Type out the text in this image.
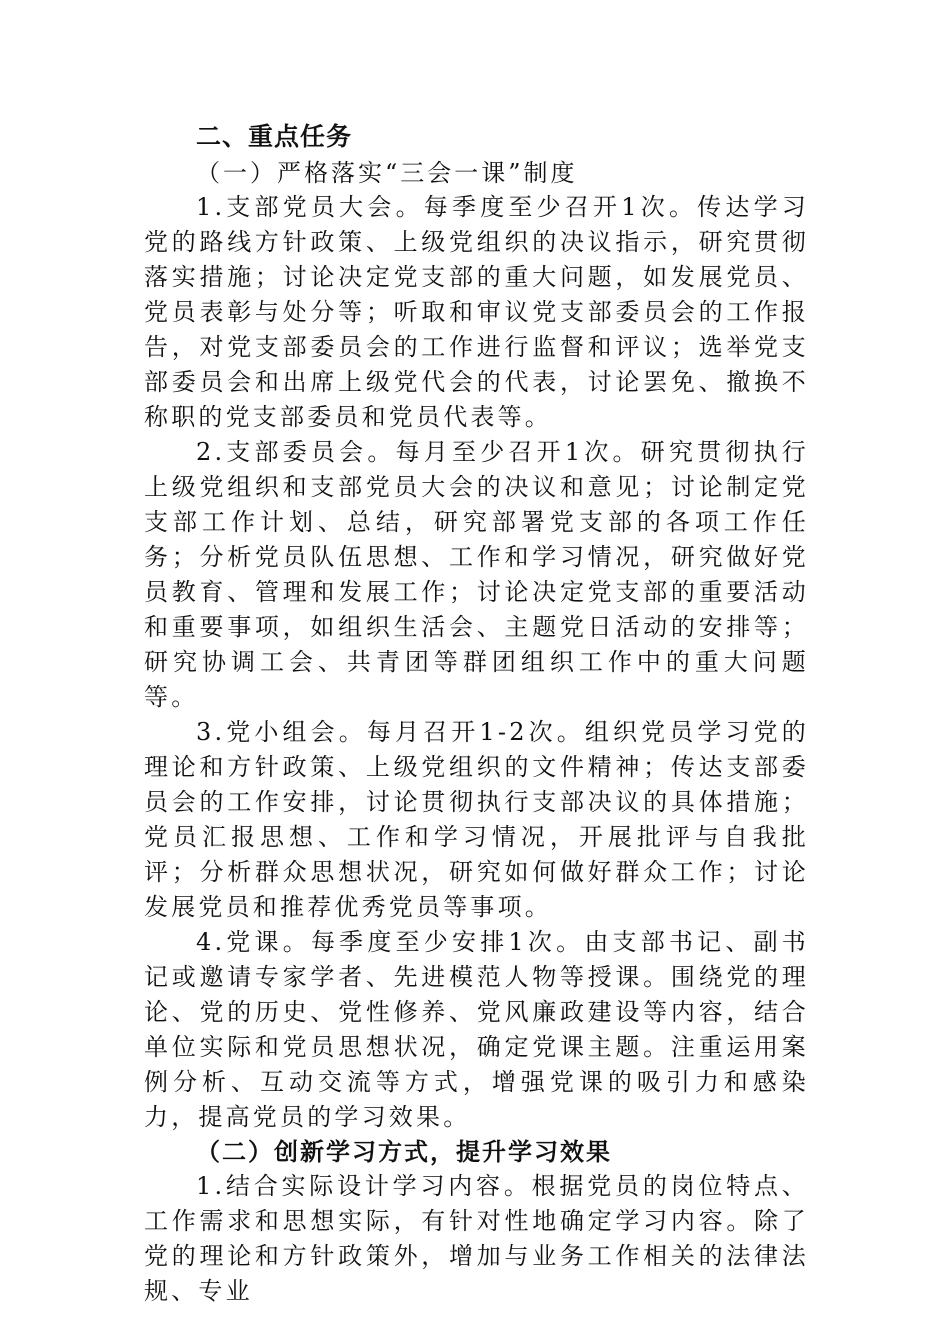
二、重点任务
（一）严格落实“三会一课”制度

1.支部党员大会。每季度至少召开1次。传达学习党的路线方针政策、上级党组织的决议指示，研究贯彻落实措施；讨论决定党支部的重大问题，如发展党员、党员表彰与处分等；听取和审议党支部委员会的工作报告，对党支部委员会的工作进行监督和评议；选举党支部委员会和出席上级党代会的代表，讨论罢免、撤换不称职的党支部委员和党员代表等。

2.支部委员会。每月至少召开1次。研究贯彻执行上级党组织和支部党员大会的决议和意见；讨论制定党支部工作计划、总结，研究部署党支部的各项工作任务；分析党员队伍思想、工作和学习情况，研究做好党员教育、管理和发展工作；讨论决定党支部的重要活动和重要事项，如组织生活会、主题党日活动的安排等；研究协调工会、共青团等群团组织工作中的重大问题等。

3.党小组会。每月召开1-2次。组织党员学习党的理论和方针政策、上级党组织的文件精神；传达支部委员会的工作安排，讨论贯彻执行支部决议的具体措施；党员汇报思想、工作和学习情况，开展批评与自我批评；分析群众思想状况，研究如何做好群众工作；讨论发展党员和推荐优秀党员等事项。

4.党课。每季度至少安排1次。由支部书记、副书记或邀请专家学者、先进模范人物等授课。围绕党的理论、党的历史、党性修养、党风廉政建设等内容，结合单位实际和党员思想状况，确定党课主题。注重运用案例分析、互动交流等方式，增强党课的吸引力和感染力，提高党员的学习效果。

（二）创新学习方式，提升学习效果

1.结合实际设计学习内容。根据党员的岗位特点、工作需求和思想实际，有针对性地确定学习内容。除了党的理论和方针政策外，增加与业务工作相关的法律法规、专业
